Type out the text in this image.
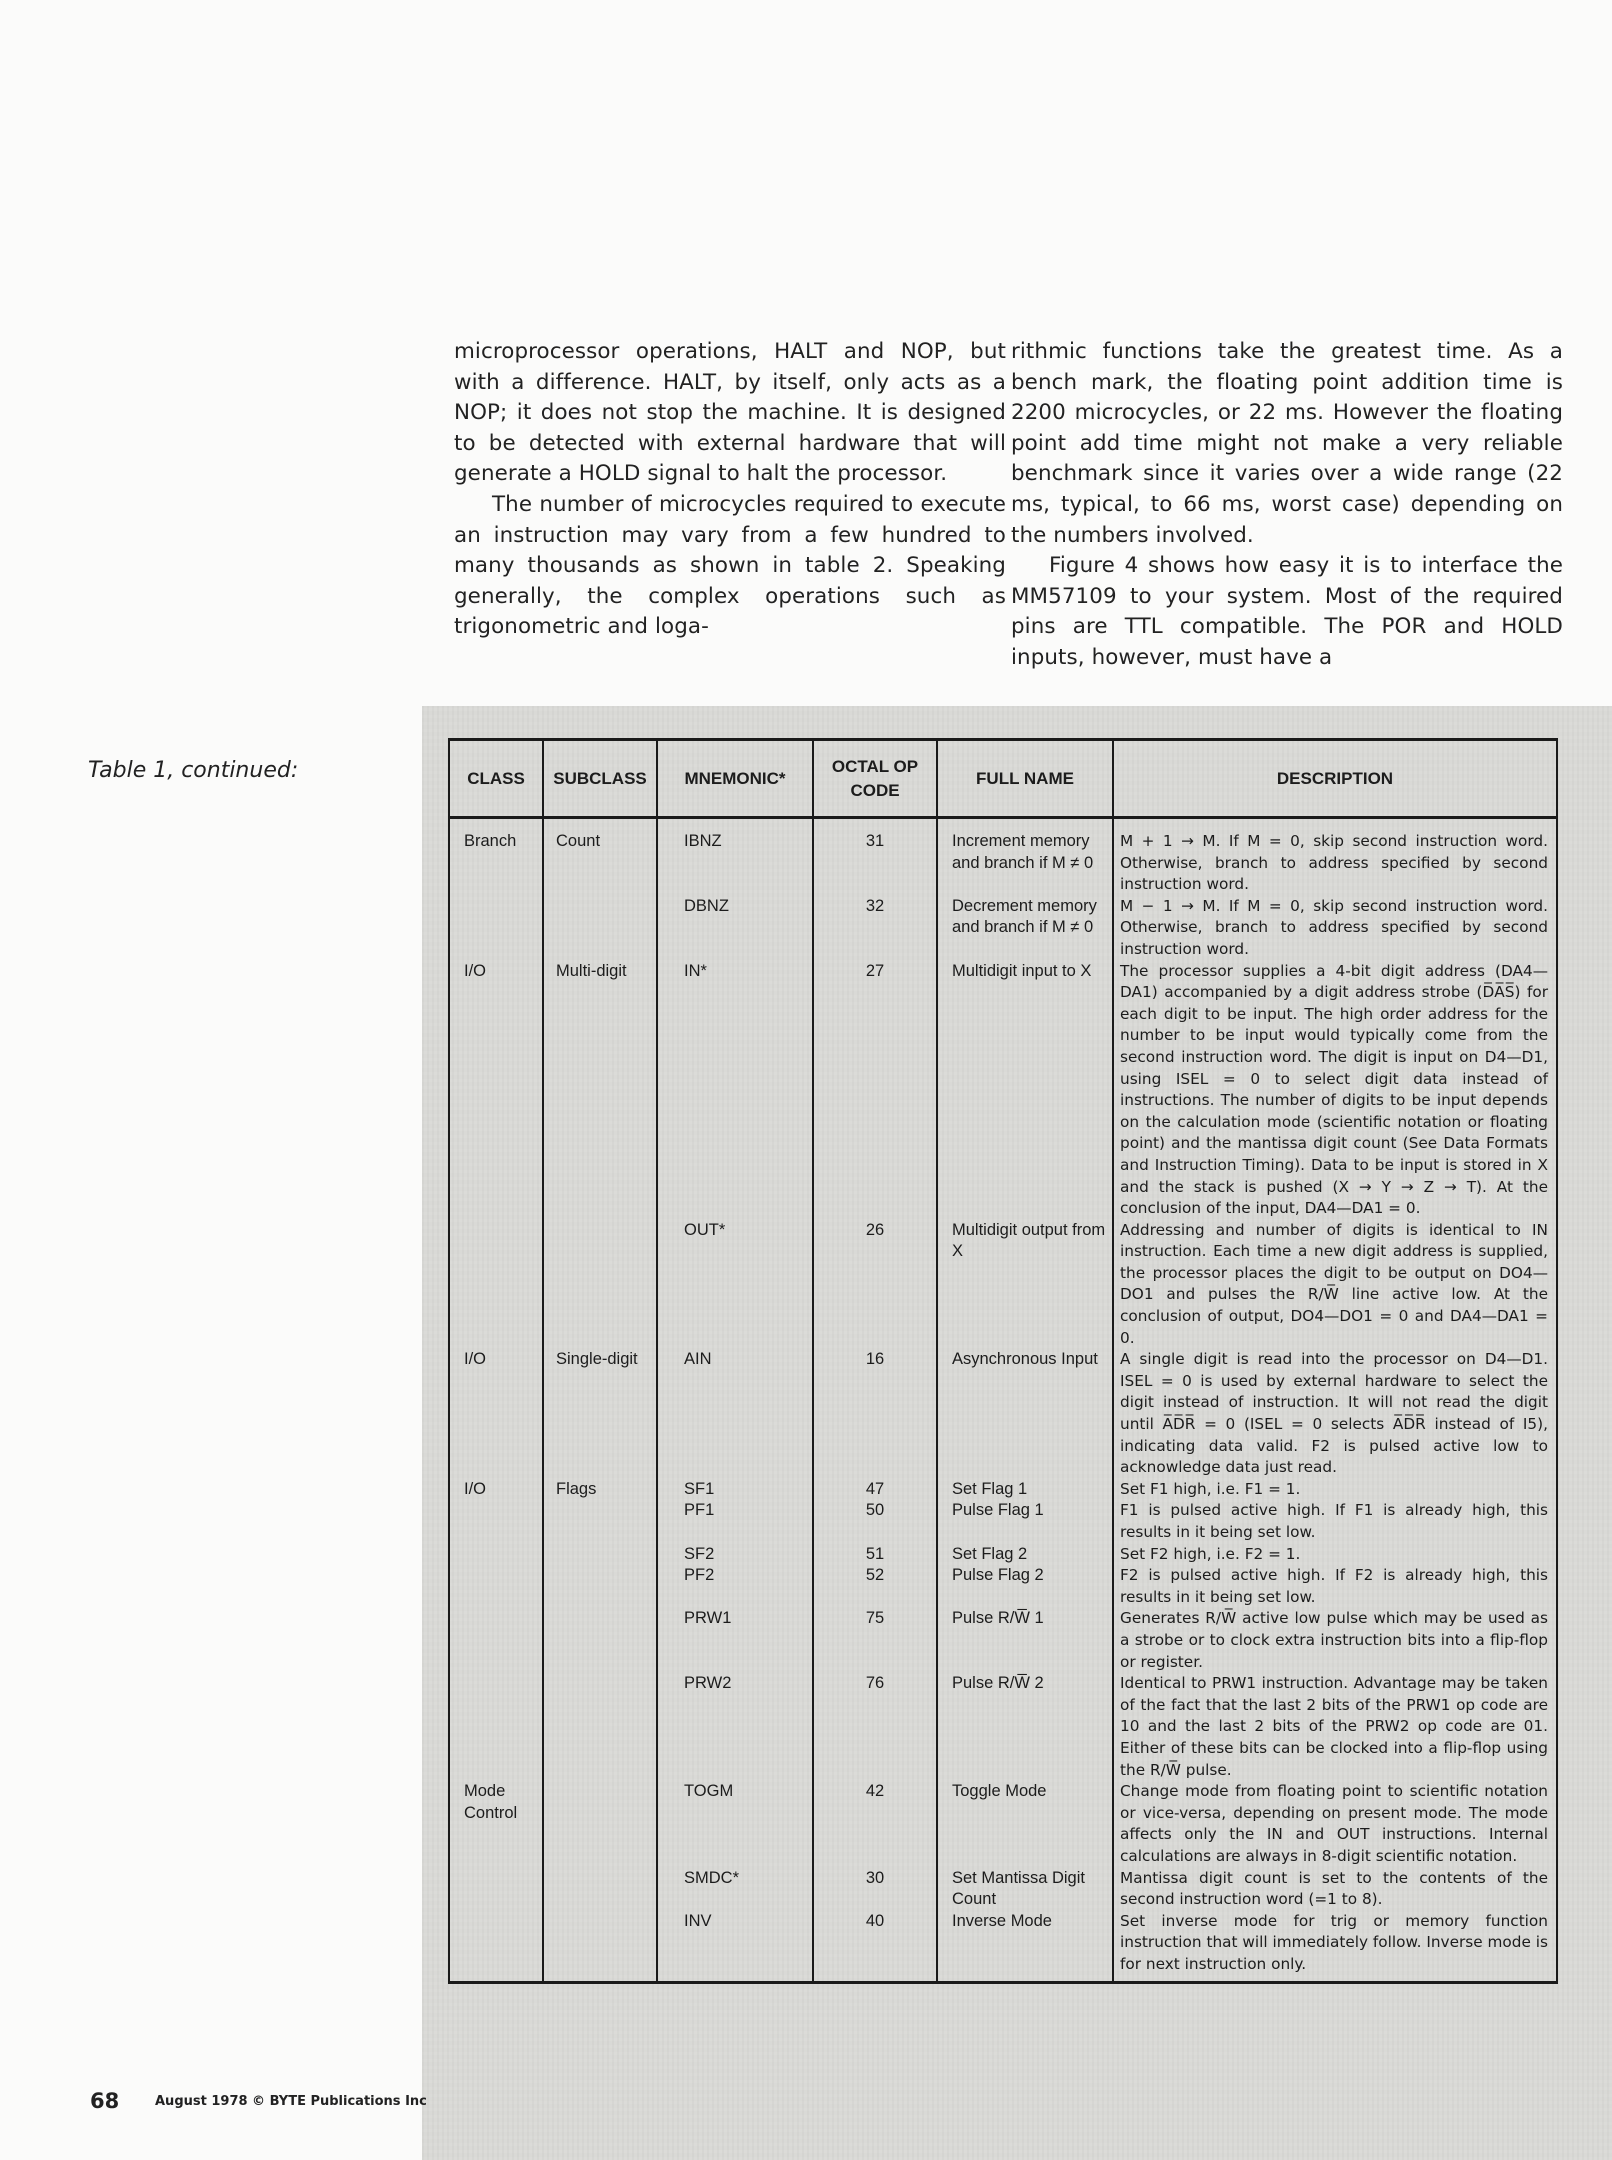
microprocessor operations, HALT and NOP, but with a difference. HALT, by itself, only acts as a NOP; it does not stop the machine. It is designed to be detected with external hardware that will generate a HOLD signal to halt the processor.

The number of microcycles required to execute an instruction may vary from a few hundred to many thousands as shown in table 2. Speaking generally, the complex operations such as trigonometric and loga-

rithmic functions take the greatest time. As a bench mark, the floating point addition time is 2200 microcycles, or 22 ms. However the floating point add time might not make a very reliable benchmark since it varies over a wide range (22 ms, typical, to 66 ms, worst case) depending on the numbers involved.

Figure 4 shows how easy it is to interface the MM57109 to your system. Most of the required pins are TTL compatible. The POR and HOLD inputs, however, must have a

Table 1, continued:	CLASS	SUBCLASS	MNEMONIC*	OCTAL OP CODE	FULL NAME	DESCRIPTION
Branch	Count	IBNZ	31	Increment memory and branch if M ≠ 0	M + 1 → M. If M = 0, skip second instruction word. Otherwise, branch to address specified by second instruction word.
		DBNZ	32	Decrement memory and branch if M ≠ 0	M − 1 → M. If M = 0, skip second instruction word. Otherwise, branch to address specified by second instruction word.
I/O	Multi-digit	IN*	27	Multidigit input to X	The processor supplies a 4-bit digit address (DA4—DA1) accompanied by a digit address strobe (D̅A̅S̅) for each digit to be input. The high order address for the number to be input would typically come from the second instruction word. The digit is input on D4—D1, using ISEL = 0 to select digit data instead of instructions. The number of digits to be input depends on the calculation mode (scientific notation or floating point) and the mantissa digit count (See Data Formats and Instruction Timing). Data to be input is stored in X and the stack is pushed (X → Y → Z → T). At the conclusion of the input, DA4—DA1 = 0.
		OUT*	26	Multidigit output from X	Addressing and number of digits is identical to IN instruction. Each time a new digit address is supplied, the processor places the digit to be output on DO4—DO1 and pulses the R/W̅ line active low. At the conclusion of output, DO4—DO1 = 0 and DA4—DA1 = 0.
I/O	Single-digit	AIN	16	Asynchronous Input	A single digit is read into the processor on D4—D1. ISEL = 0 is used by external hardware to select the digit instead of instruction. It will not read the digit until A̅D̅R̅ = 0 (ISEL = 0 selects A̅D̅R̅ instead of I5), indicating data valid. F2 is pulsed active low to acknowledge data just read.
I/O	Flags	SF1	47	Set Flag 1	Set F1 high, i.e. F1 = 1.
		PF1	50	Pulse Flag 1	F1 is pulsed active high. If F1 is already high, this results in it being set low.
		SF2	51	Set Flag 2	Set F2 high, i.e. F2 = 1.
		PF2	52	Pulse Flag 2	F2 is pulsed active high. If F2 is already high, this results in it being set low.
		PRW1	75	Pulse R/W̅ 1	Generates R/W̅ active low pulse which may be used as a strobe or to clock extra instruction bits into a flip-flop or register.
		PRW2	76	Pulse R/W̅ 2	Identical to PRW1 instruction. Advantage may be taken of the fact that the last 2 bits of the PRW1 op code are 10 and the last 2 bits of the PRW2 op code are 01. Either of these bits can be clocked into a flip-flop using the R/W̅ pulse.
Mode Control		TOGM	42	Toggle Mode	Change mode from floating point to scientific notation or vice-versa, depending on present mode. The mode affects only the IN and OUT instructions. Internal calculations are always in 8-digit scientific notation.
		SMDC*	30	Set Mantissa Digit Count	Mantissa digit count is set to the contents of the second instruction word (=1 to 8).
		INV	40	Inverse Mode	Set inverse mode for trig or memory function instruction that will immediately follow. Inverse mode is for next instruction only.
68	August 1978 © BYTE Publications Inc
